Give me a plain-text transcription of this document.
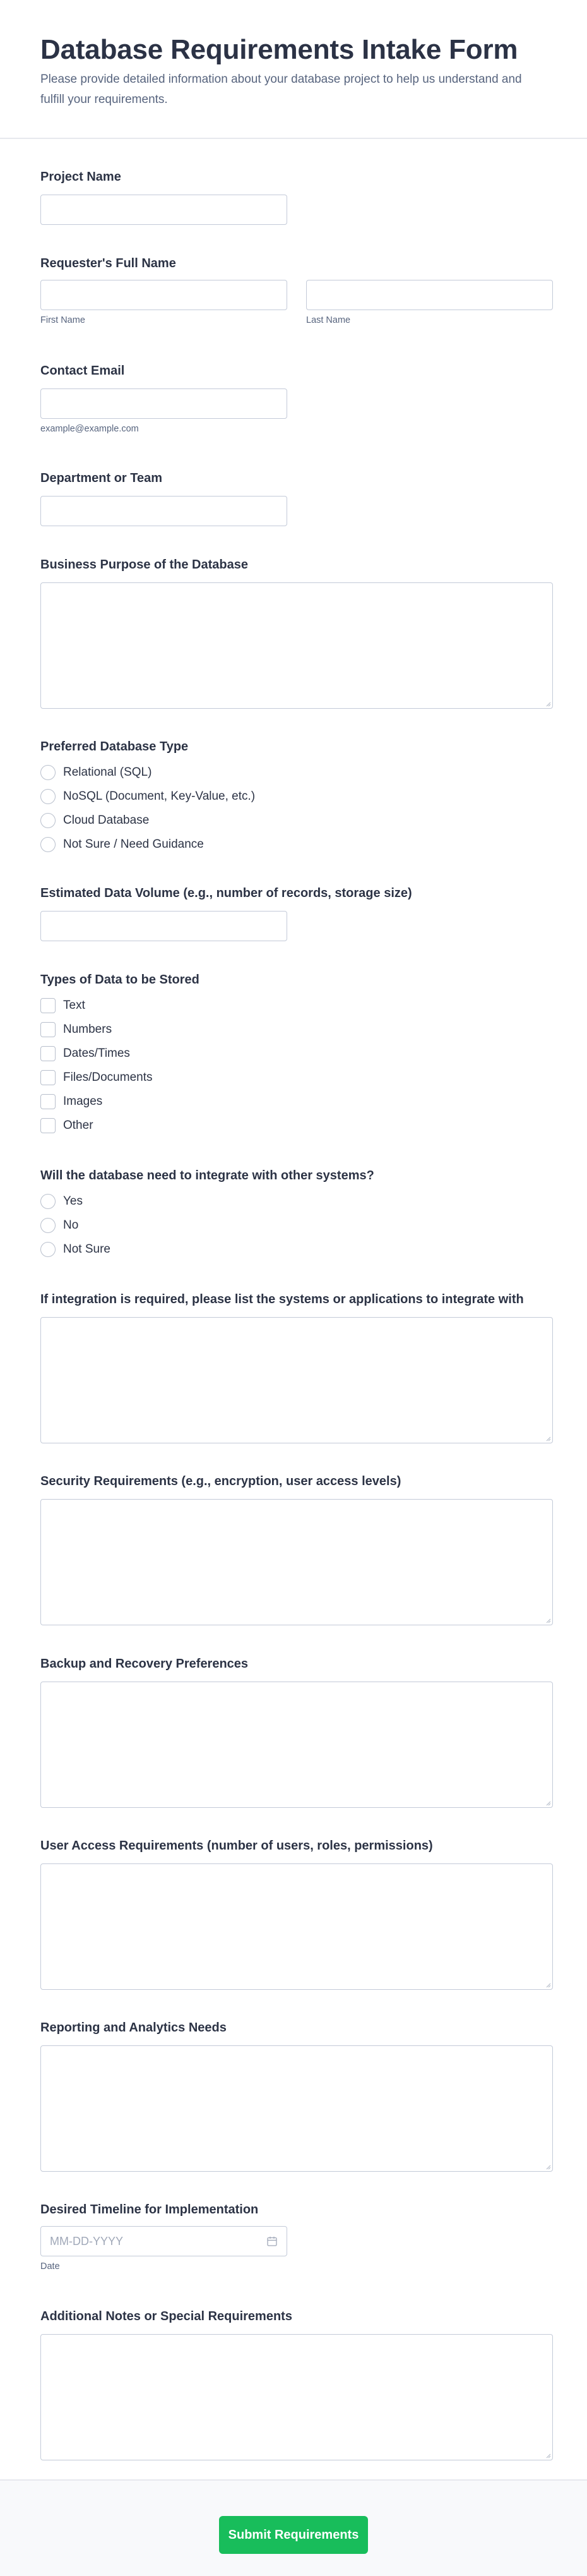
Database Requirements Intake Form

Please provide detailed information about your database project to help us understand and fulfill your requirements.

Project Name
Requester's Full Name
First Name	Last Name
Contact Email
example@example.com
Department or Team
Business Purpose of the Database
Preferred Database Type
Relational (SQL)
NoSQL (Document, Key-Value, etc.)
Cloud Database
Not Sure / Need Guidance
Estimated Data Volume (e.g., number of records, storage size)
Types of Data to be Stored
Text
Numbers
Dates/Times
Files/Documents
Images
Other
Will the database need to integrate with other systems?
Yes
No
Not Sure
If integration is required, please list the systems or applications to integrate with
Security Requirements (e.g., encryption, user access levels)
Backup and Recovery Preferences
User Access Requirements (number of users, roles, permissions)
Reporting and Analytics Needs
Desired Timeline for Implementation
MM-DD-YYYY
Date
Additional Notes or Special Requirements
Submit Requirements
